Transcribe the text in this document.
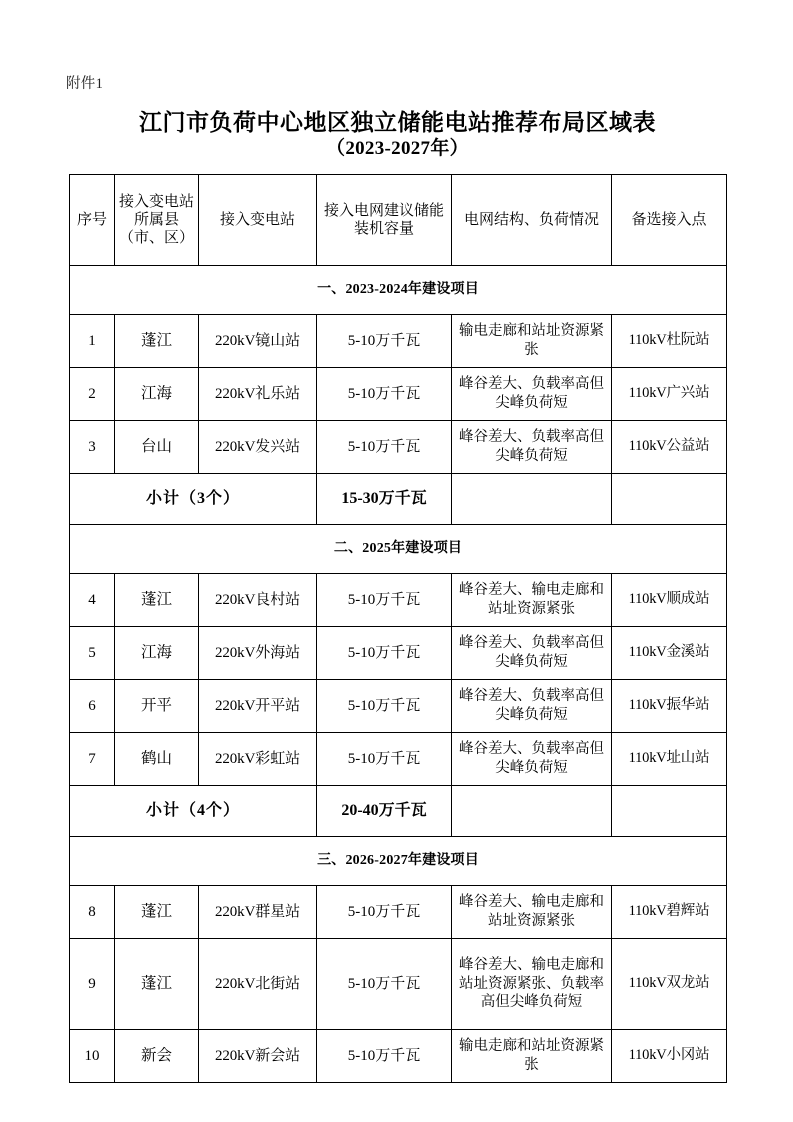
附件1
江门市负荷中心地区独立储能电站推荐布局区域表
（2023-2027年）
序号	接入变电站所属县（市、区）	接入变电站	接入电网建议储能装机容量	电网结构、负荷情况	备选接入点
一、2023-2024年建设项目					
1	蓬江	220kV镜山站	5-10万千瓦	输电走廊和站址资源紧张	110kV杜阮站
2	江海	220kV礼乐站	5-10万千瓦	峰谷差大、负载率高但尖峰负荷短	110kV广兴站
3	台山	220kV发兴站	5-10万千瓦	峰谷差大、负载率高但尖峰负荷短	110kV公益站
小计（3个）			15-30万千瓦		
二、2025年建设项目					
4	蓬江	220kV良村站	5-10万千瓦	峰谷差大、输电走廊和站址资源紧张	110kV顺成站
5	江海	220kV外海站	5-10万千瓦	峰谷差大、负载率高但尖峰负荷短	110kV金溪站
6	开平	220kV开平站	5-10万千瓦	峰谷差大、负载率高但尖峰负荷短	110kV振华站
7	鹤山	220kV彩虹站	5-10万千瓦	峰谷差大、负载率高但尖峰负荷短	110kV址山站
小计（4个）			20-40万千瓦		
三、2026-2027年建设项目					
8	蓬江	220kV群星站	5-10万千瓦	峰谷差大、输电走廊和站址资源紧张	110kV碧辉站
9	蓬江	220kV北街站	5-10万千瓦	峰谷差大、输电走廊和站址资源紧张、负载率高但尖峰负荷短	110kV双龙站
10	新会	220kV新会站	5-10万千瓦	输电走廊和站址资源紧张	110kV小冈站
